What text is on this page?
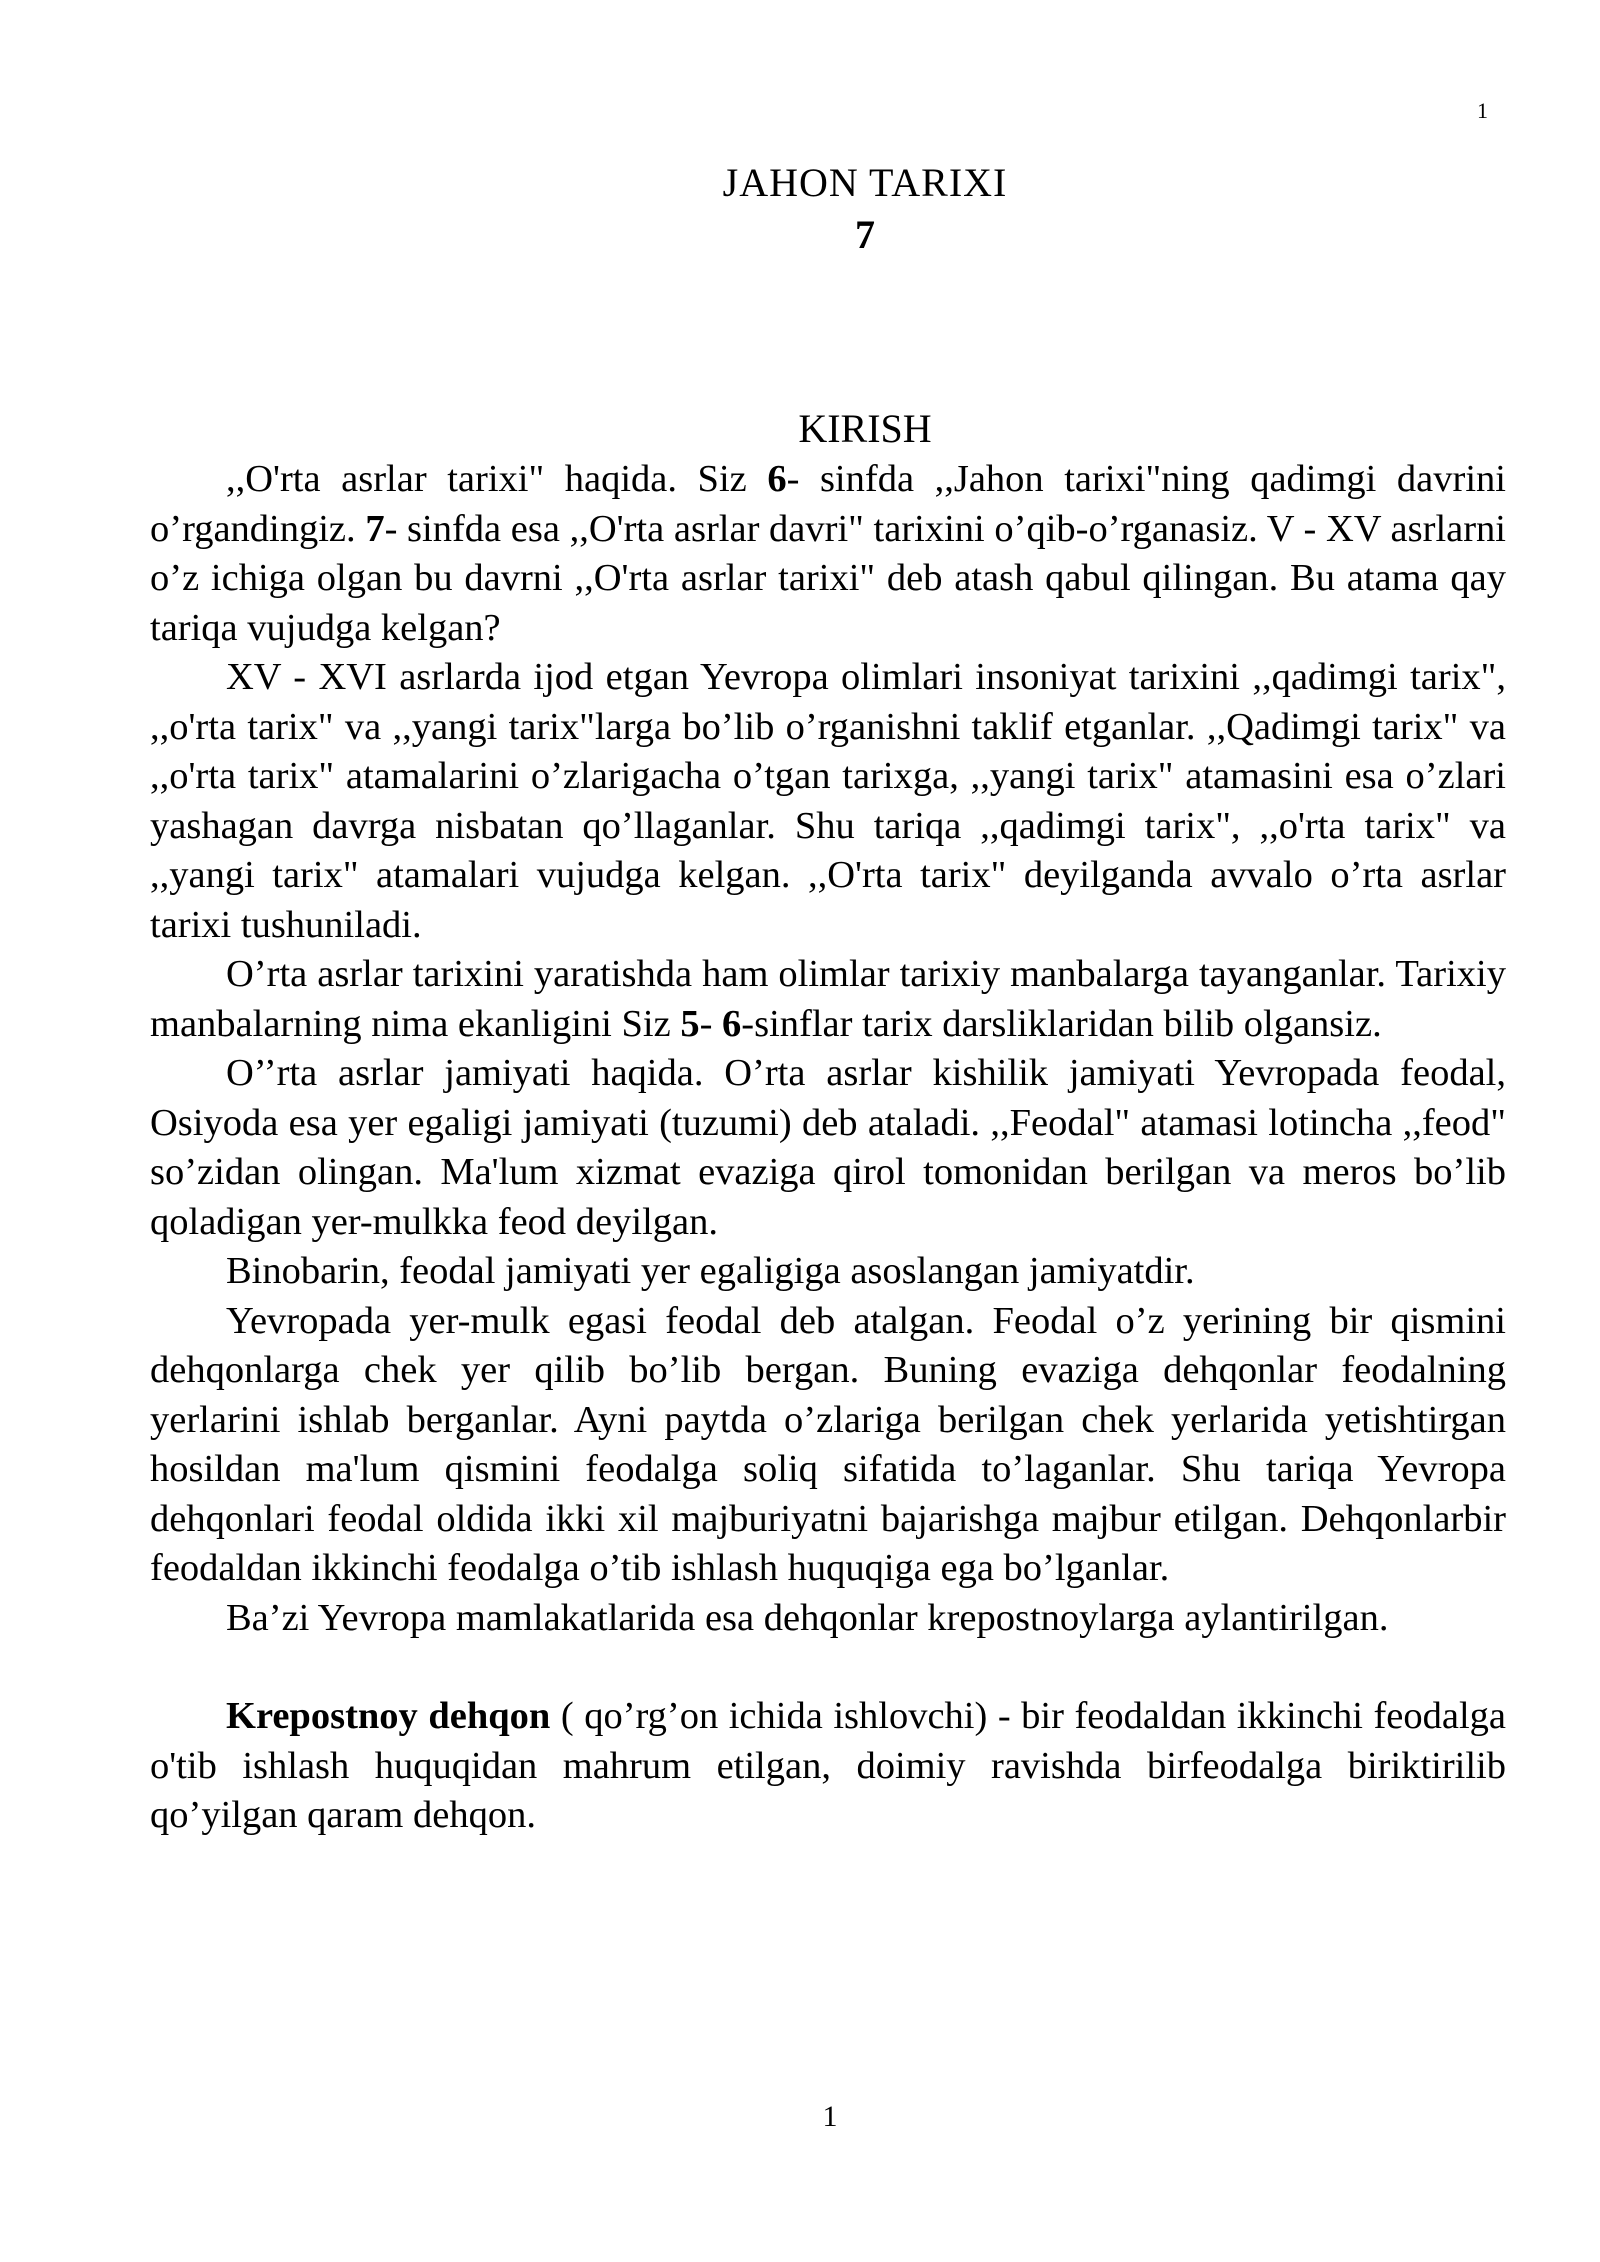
1
JAHON TARIXI
7
KIRISH

,,O'rta asrlar tarixi" haqida. Siz 6- sinfda ,,Jahon tarixi"ning qadimgi davrini o’rgandingiz. 7- sinfda esa ,,O'rta asrlar davri" tarixini o’qib-o’rganasiz. V - XV asrlarni o’z ichiga olgan bu davrni ,,O'rta asrlar tarixi" deb atash qabul qilingan. Bu atama qay tariqa vujudga kelgan?

XV - XVI asrlarda ijod etgan Yevropa olimlari insoniyat tarixini ,,qadimgi tarix", ,,o'rta tarix" va ,,yangi tarix"larga bo’lib o’rganishni taklif etganlar. ,,Qadimgi tarix" va ,,o'rta tarix" atamalarini o’zlarigacha o’tgan tarixga, ,,yangi tarix" atamasini esa o’zlari yashagan davrga nisbatan qo’llaganlar. Shu tariqa ,,qadimgi tarix", ,,o'rta tarix" va ,,yangi tarix" atamalari vujudga kelgan. ,,O'rta tarix" deyilganda avvalo o’rta asrlar tarixi tushuniladi.

O’rta asrlar tarixini yaratishda ham olimlar tarixiy manbalarga tayanganlar. Tarixiy manbalarning nima ekanligini Siz 5- 6-sinflar tarix darsliklaridan bilib olgansiz.

O’’rta asrlar jamiyati haqida. O’rta asrlar kishilik jamiyati Yevropada feodal, Osiyoda esa yer egaligi jamiyati (tuzumi) deb ataladi. ,,Feodal" atamasi lotincha ,,feod" so’zidan olingan. Ma'lum xizmat evaziga qirol tomonidan berilgan va meros bo’lib qoladigan yer-mulkka feod deyilgan.

Binobarin, feodal jamiyati yer egaligiga asoslangan jamiyatdir.

Yevropada yer-mulk egasi feodal deb atalgan. Feodal o’z yerining bir qismini dehqonlarga chek yer qilib bo’lib bergan. Buning evaziga dehqonlar feodalning yerlarini ishlab berganlar. Ayni paytda o’zlariga berilgan chek yerlarida yetishtirgan hosildan ma'lum qismini feodalga soliq sifatida to’laganlar. Shu tariqa Yevropa dehqonlari feodal oldida ikki xil majburiyatni bajarishga majbur etilgan. Dehqonlarbir feodaldan ikkinchi feodalga o’tib ishlash huquqiga ega bo’lganlar.

Ba’zi Yevropa mamlakatlarida esa dehqonlar krepostnoylarga aylantirilgan.

Krepostnoy dehqon ( qo’rg’on ichida ishlovchi) - bir feodaldan ikkinchi feodalga o'tib ishlash huquqidan mahrum etilgan, doimiy ravishda birfeodalga biriktirilib qo’yilgan qaram dehqon.

1
